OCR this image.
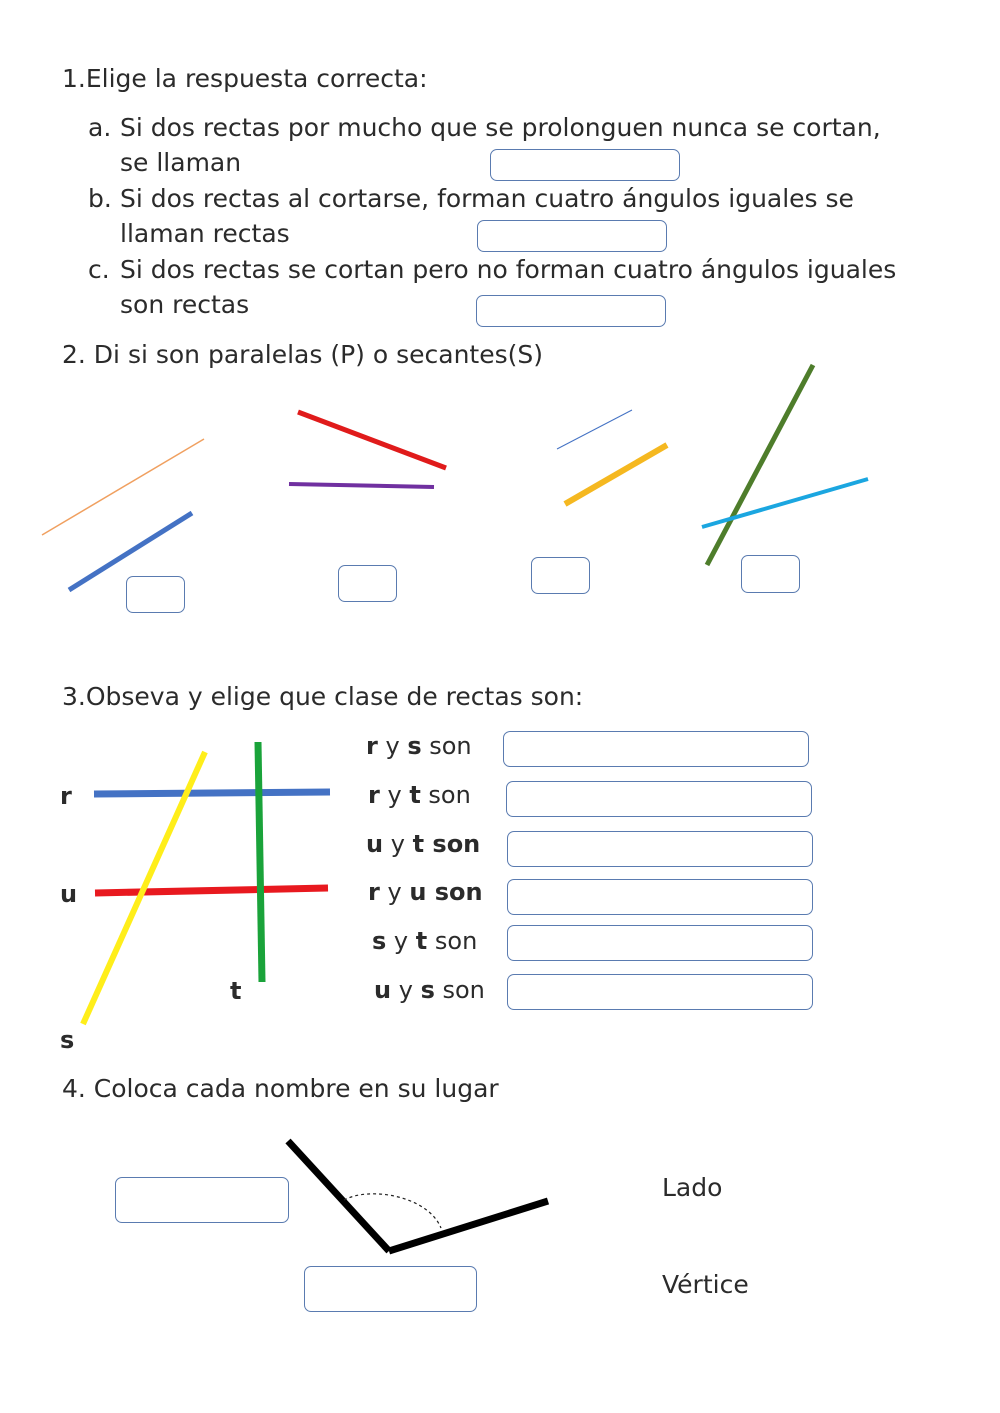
1.Elige la respuesta correcta:
a. Si dos rectas por mucho que se prolonguen nunca se cortan,
se llaman
b. Si dos rectas al cortarse, forman cuatro ángulos iguales se
llaman rectas
c. Si dos rectas se cortan pero no forman cuatro ángulos iguales
son rectas
2. Di si son paralelas (P) o secantes(S)
3.Obseva y elige que clase de rectas son:
r
u
t
s
r y s son
r y t son
u y t son
r y u son
s y t son
u y s son
4. Coloca cada nombre en su lugar
Lado
Vértice
